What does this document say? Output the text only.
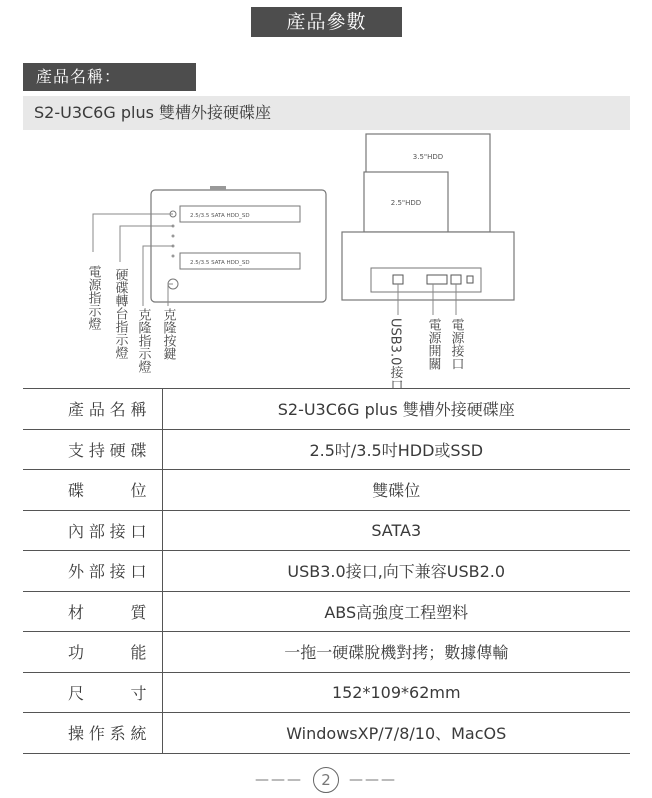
產品參數
產品名稱：
S2-U3C6G plus 雙槽外接硬碟座
2.5/3.5 SATA HDD_SD
2.5/3.5 SATA HDD_SD
電源指示燈 硬碟轉台指示燈 克隆指示燈 克隆按鍵
3.5"HDD
2.5"HDD
USB3.0接口 電源開關 電源接口
產品名稱	S2-U3C6G plus 雙槽外接硬碟座
支持硬碟	2.5吋/3.5吋HDD或SSD
碟位	雙碟位
內部接口	SATA3
外部接口	USB3.0接口,向下兼容USB2.0
材質	ABS高強度工程塑料
功能	一拖一硬碟脫機對拷；數據傳輸
尺寸	152*109*62mm
操作系統	WindowsXP/7/8/10、MacOS
———	2	———
